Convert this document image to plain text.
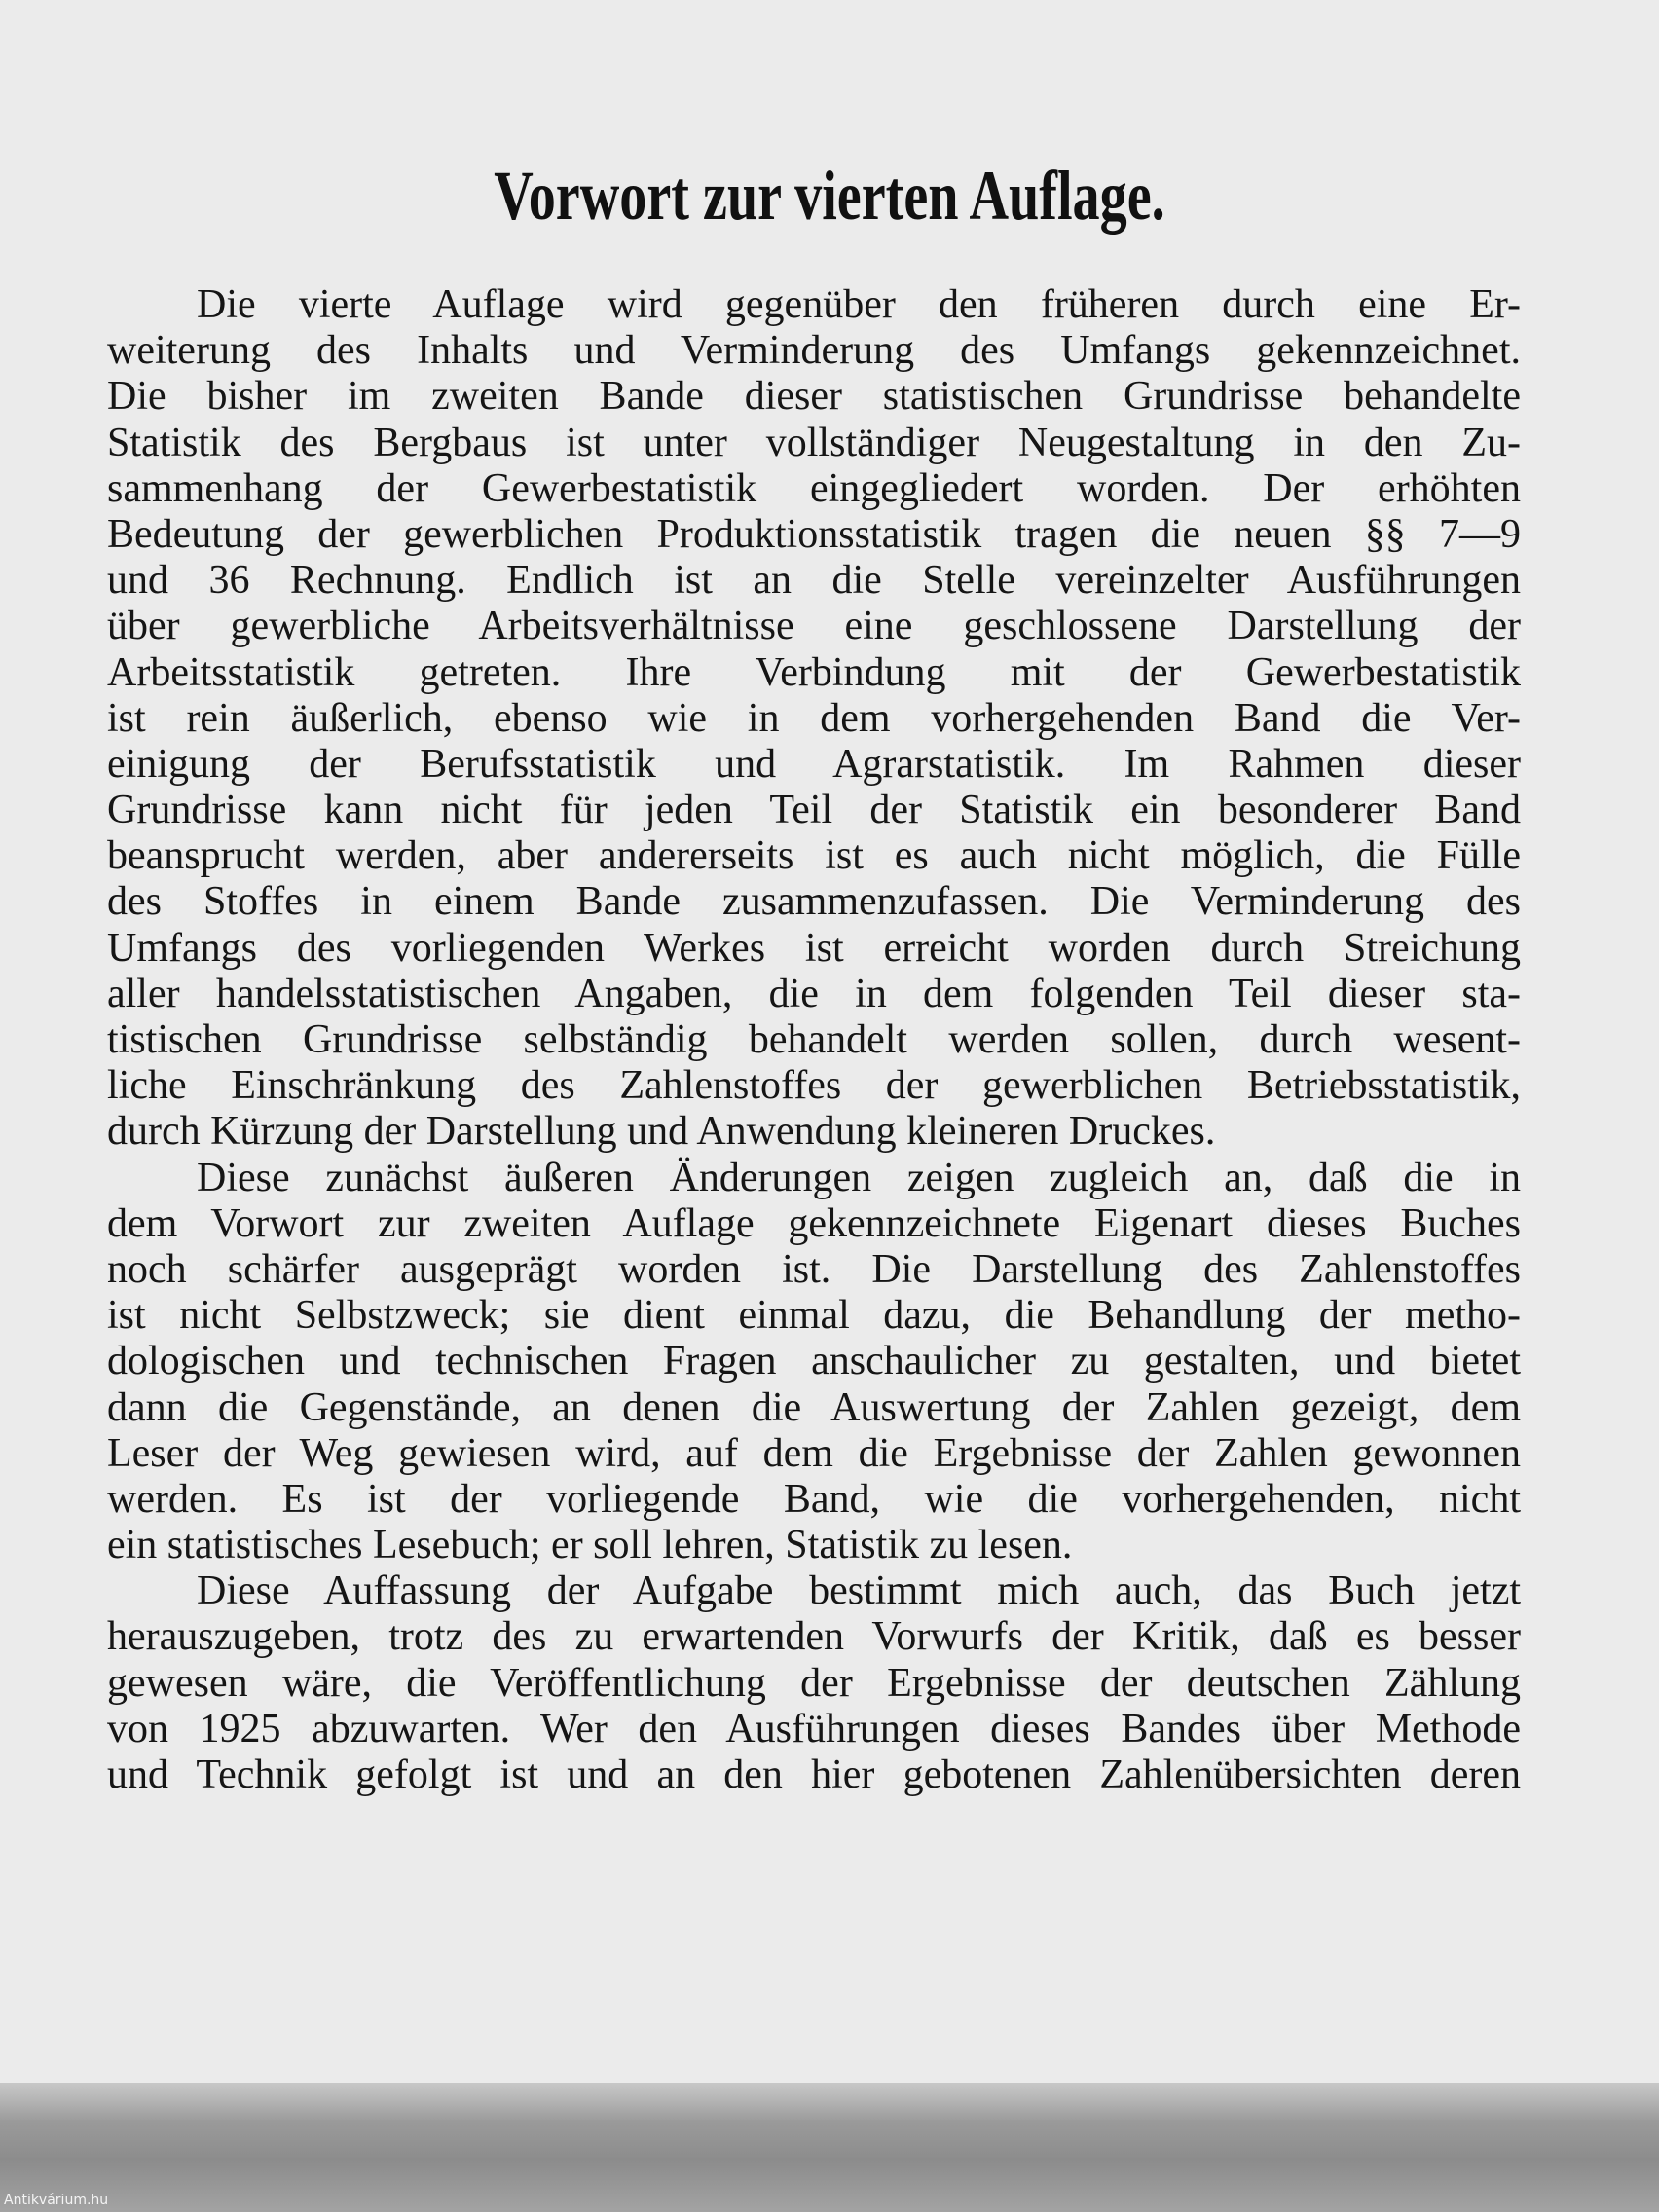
Vorwort zur vierten Auflage.
Die vierte Auflage wird gegenüber den früheren durch eine Er-
weiterung des Inhalts und Verminderung des Umfangs gekennzeichnet.
Die bisher im zweiten Bande dieser statistischen Grundrisse behandelte
Statistik des Bergbaus ist unter vollständiger Neugestaltung in den Zu-
sammenhang der Gewerbestatistik eingegliedert worden. Der erhöhten
Bedeutung der gewerblichen Produktionsstatistik tragen die neuen §§ 7—9
und 36 Rechnung. Endlich ist an die Stelle vereinzelter Ausführungen
über gewerbliche Arbeitsverhältnisse eine geschlossene Darstellung der
Arbeitsstatistik getreten. Ihre Verbindung mit der Gewerbestatistik
ist rein äußerlich, ebenso wie in dem vorhergehenden Band die Ver-
einigung der Berufsstatistik und Agrarstatistik. Im Rahmen dieser
Grundrisse kann nicht für jeden Teil der Statistik ein besonderer Band
beansprucht werden, aber andererseits ist es auch nicht möglich, die Fülle
des Stoffes in einem Bande zusammenzufassen. Die Verminderung des
Umfangs des vorliegenden Werkes ist erreicht worden durch Streichung
aller handelsstatistischen Angaben, die in dem folgenden Teil dieser sta-
tistischen Grundrisse selbständig behandelt werden sollen, durch wesent-
liche Einschränkung des Zahlenstoffes der gewerblichen Betriebsstatistik,
durch Kürzung der Darstellung und Anwendung kleineren Druckes.
Diese zunächst äußeren Änderungen zeigen zugleich an, daß die in
dem Vorwort zur zweiten Auflage gekennzeichnete Eigenart dieses Buches
noch schärfer ausgeprägt worden ist. Die Darstellung des Zahlenstoffes
ist nicht Selbstzweck; sie dient einmal dazu, die Behandlung der metho-
dologischen und technischen Fragen anschaulicher zu gestalten, und bietet
dann die Gegenstände, an denen die Auswertung der Zahlen gezeigt, dem
Leser der Weg gewiesen wird, auf dem die Ergebnisse der Zahlen gewonnen
werden. Es ist der vorliegende Band, wie die vorhergehenden, nicht
ein statistisches Lesebuch; er soll lehren, Statistik zu lesen.
Diese Auffassung der Aufgabe bestimmt mich auch, das Buch jetzt
herauszugeben, trotz des zu erwartenden Vorwurfs der Kritik, daß es besser
gewesen wäre, die Veröffentlichung der Ergebnisse der deutschen Zählung
von 1925 abzuwarten. Wer den Ausführungen dieses Bandes über Methode
und Technik gefolgt ist und an den hier gebotenen Zahlenübersichten deren
Antikvárium.hu
